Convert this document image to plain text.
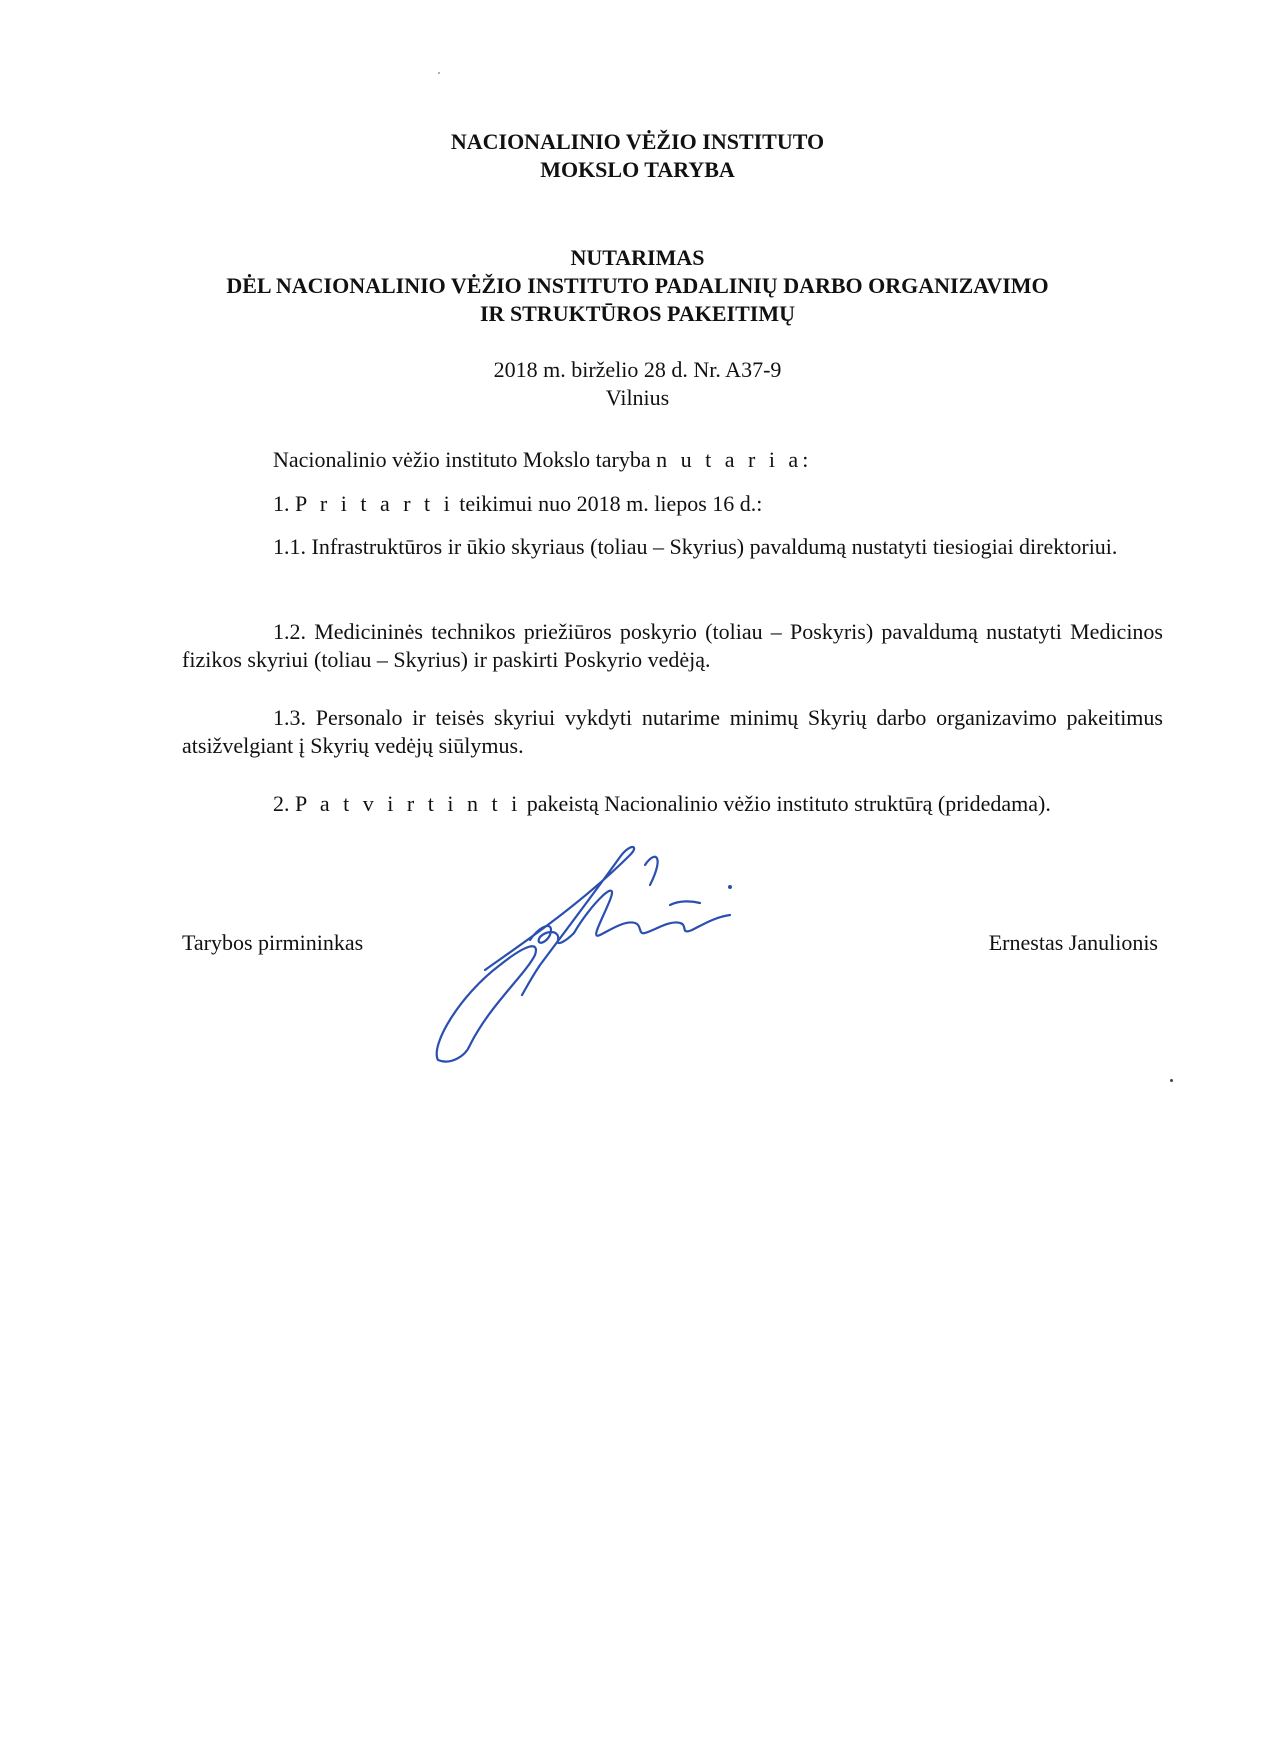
NACIONALINIO VĖŽIO INSTITUTO
MOKSLO TARYBA
NUTARIMAS
DĖL NACIONALINIO VĖŽIO INSTITUTO PADALINIŲ DARBO ORGANIZAVIMO
IR STRUKTŪROS PAKEITIMŲ
2018 m. birželio 28 d. Nr. A37-9
Vilnius
Nacionalinio vėžio instituto Mokslo taryba n u t a r i a:
1. P r i t a r t i teikimui nuo 2018 m. liepos 16 d.:
1.1. Infrastruktūros ir ūkio skyriaus (toliau – Skyrius) pavaldumą nustatyti tiesiogiai direktoriui.
1.2. Medicininės technikos priežiūros poskyrio (toliau – Poskyris) pavaldumą nustatyti Medicinos fizikos skyriui (toliau – Skyrius) ir paskirti Poskyrio vedėją.
1.3. Personalo ir teisės skyriui vykdyti nutarime minimų Skyrių darbo organizavimo pakeitimus atsižvelgiant į Skyrių vedėjų siūlymus.
2. P a t v i r t i n t i pakeistą Nacionalinio vėžio instituto struktūrą (pridedama).
Tarybos pirmininkas	Ernestas Janulionis
